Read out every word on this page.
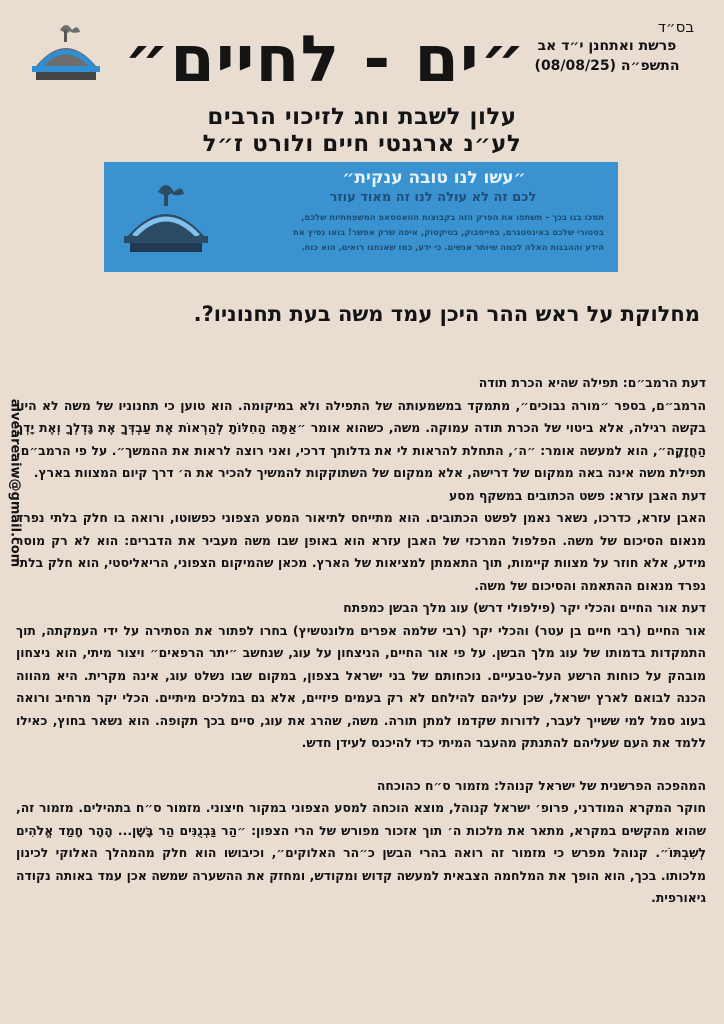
בס״ד
פרשת ואתחנן י״ד אב
התשפ״ה (08/08/25)
״ים - לחיים״
עלון לשבת וחג לזיכוי הרבים
לע״נ ארגנטי חיים ולורט ז״ל
״עשו לנו טובה ענקית״
לכם זה לא עולה לנו זה מאוד עוזר
תמכו בנו בכך – תשתפו את הפרק הזה בקבוצות הוואטסאפ המשפחתיות שלכם,
בסטורי שלכם באינסטגרם, בפייסבוק, בטיקטוק, איפה שרק אפשר! בואו נפיץ את
הידע וההבנות האלה לכמה שיותר אנשים. כי ידע, כמו שאנחנו רואים, הוא כוח.
מחלוקת על ראש ההר היכן עמד משה בעת תחנוניו?.
alveareaiw@gmail.com

דעת הרמב״ם: תפילה שהיא הכרת תודה

הרמב״ם, בספר ״מורה נבוכים״, מתמקד במשמעותה של התפילה ולא במיקומה. הוא טוען כי תחנוניו של משה לא היוו בקשה רגילה, אלא ביטוי של הכרת תודה עמוקה. משה, כשהוא אומר ״אַתָּה הַחִלּוֹתָ לְהַרְאוֹת אֶת עַבְדְּךָ אֶת גָּדְלְךָ וְאֶת יָדְךָ הַחֲזָקָה״, הוא למעשה אומר: ״ה׳, התחלת להראות לי את גדלותך דרכי, ואני רוצה לראות את ההמשך״. על פי הרמב״ם, תפילת משה אינה באה ממקום של דרישה, אלא ממקום של השתוקקות להמשיך להכיר את ה׳ דרך קיום המצוות בארץ.

דעת האבן עזרא: פשט הכתובים במשקף מסע

האבן עזרא, כדרכו, נשאר נאמן לפשט הכתובים. הוא מתייחס לתיאור המסע הצפוני כפשוטו, ורואה בו חלק בלתי נפרד מנאום הסיכום של משה. הפלפול המרכזי של האבן עזרא הוא באופן שבו משה מעביר את הדברים: הוא לא רק מוסר מידע, אלא חוזר על מצוות קיימות, תוך התאמתן למציאות של הארץ. מכאן שהמיקום הצפוני, הריאליסטי, הוא חלק בלתי נפרד מנאום ההתאמה והסיכום של משה.

דעת אור החיים והכלי יקר (פילפולי דרש) עוג מלך הבשן כמפתח

אור החיים (רבי חיים בן עטר) והכלי יקר (רבי שלמה אפרים מלונטשיץ) בחרו לפתור את הסתירה על ידי העמקתה, תוך התמקדות בדמותו של עוג מלך הבשן. על פי אור החיים, הניצחון על עוג, שנחשב ״יתר הרפאים״ ויצור מיתי, הוא ניצחון מובהק על כוחות הרשע העל-טבעיים. נוכחותם של בני ישראל בצפון, במקום שבו נשלט עוג, אינה מקרית. היא מהווה הכנה לבואם לארץ ישראל, שכן עליהם להילחם לא רק בעמים פיזיים, אלא גם במלכים מיתיים. הכלי יקר מרחיב ורואה בעוג סמל למי ששייך לעבר, לדורות שקדמו למתן תורה. משה, שהרג את עוג, סיים בכך תקופה. הוא נשאר בחוץ, כאילו ללמד את העם שעליהם להתנתק מהעבר המיתי כדי להיכנס לעידן חדש.

המהפכה הפרשנית של ישראל קנוהל: מזמור ס״ח כהוכחה

חוקר המקרא המודרני, פרופ׳ ישראל קנוהל, מוצא הוכחה למסע הצפוני במקור חיצוני. מזמור ס״ח בתהילים. מזמור זה, שהוא מהקשים במקרא, מתאר את מלכות ה׳ תוך אזכור מפורש של הרי הצפון: ״הַר גַּבְנֻנִּים הַר בָּשָׁן... הָהָר חָמַד אֱלֹהִים לְשִׁבְתּוֹ״. קנוהל מפרש כי מזמור זה רואה בהרי הבשן כ״הר האלוקים״, וכיבושו הוא חלק מהמהלך האלוקי לכינון מלכותו. בכך, הוא הופך את המלחמה הצבאית למעשה קדוש ומקודש, ומחזק את ההשערה שמשה אכן עמד באותה נקודה גיאורפית.
